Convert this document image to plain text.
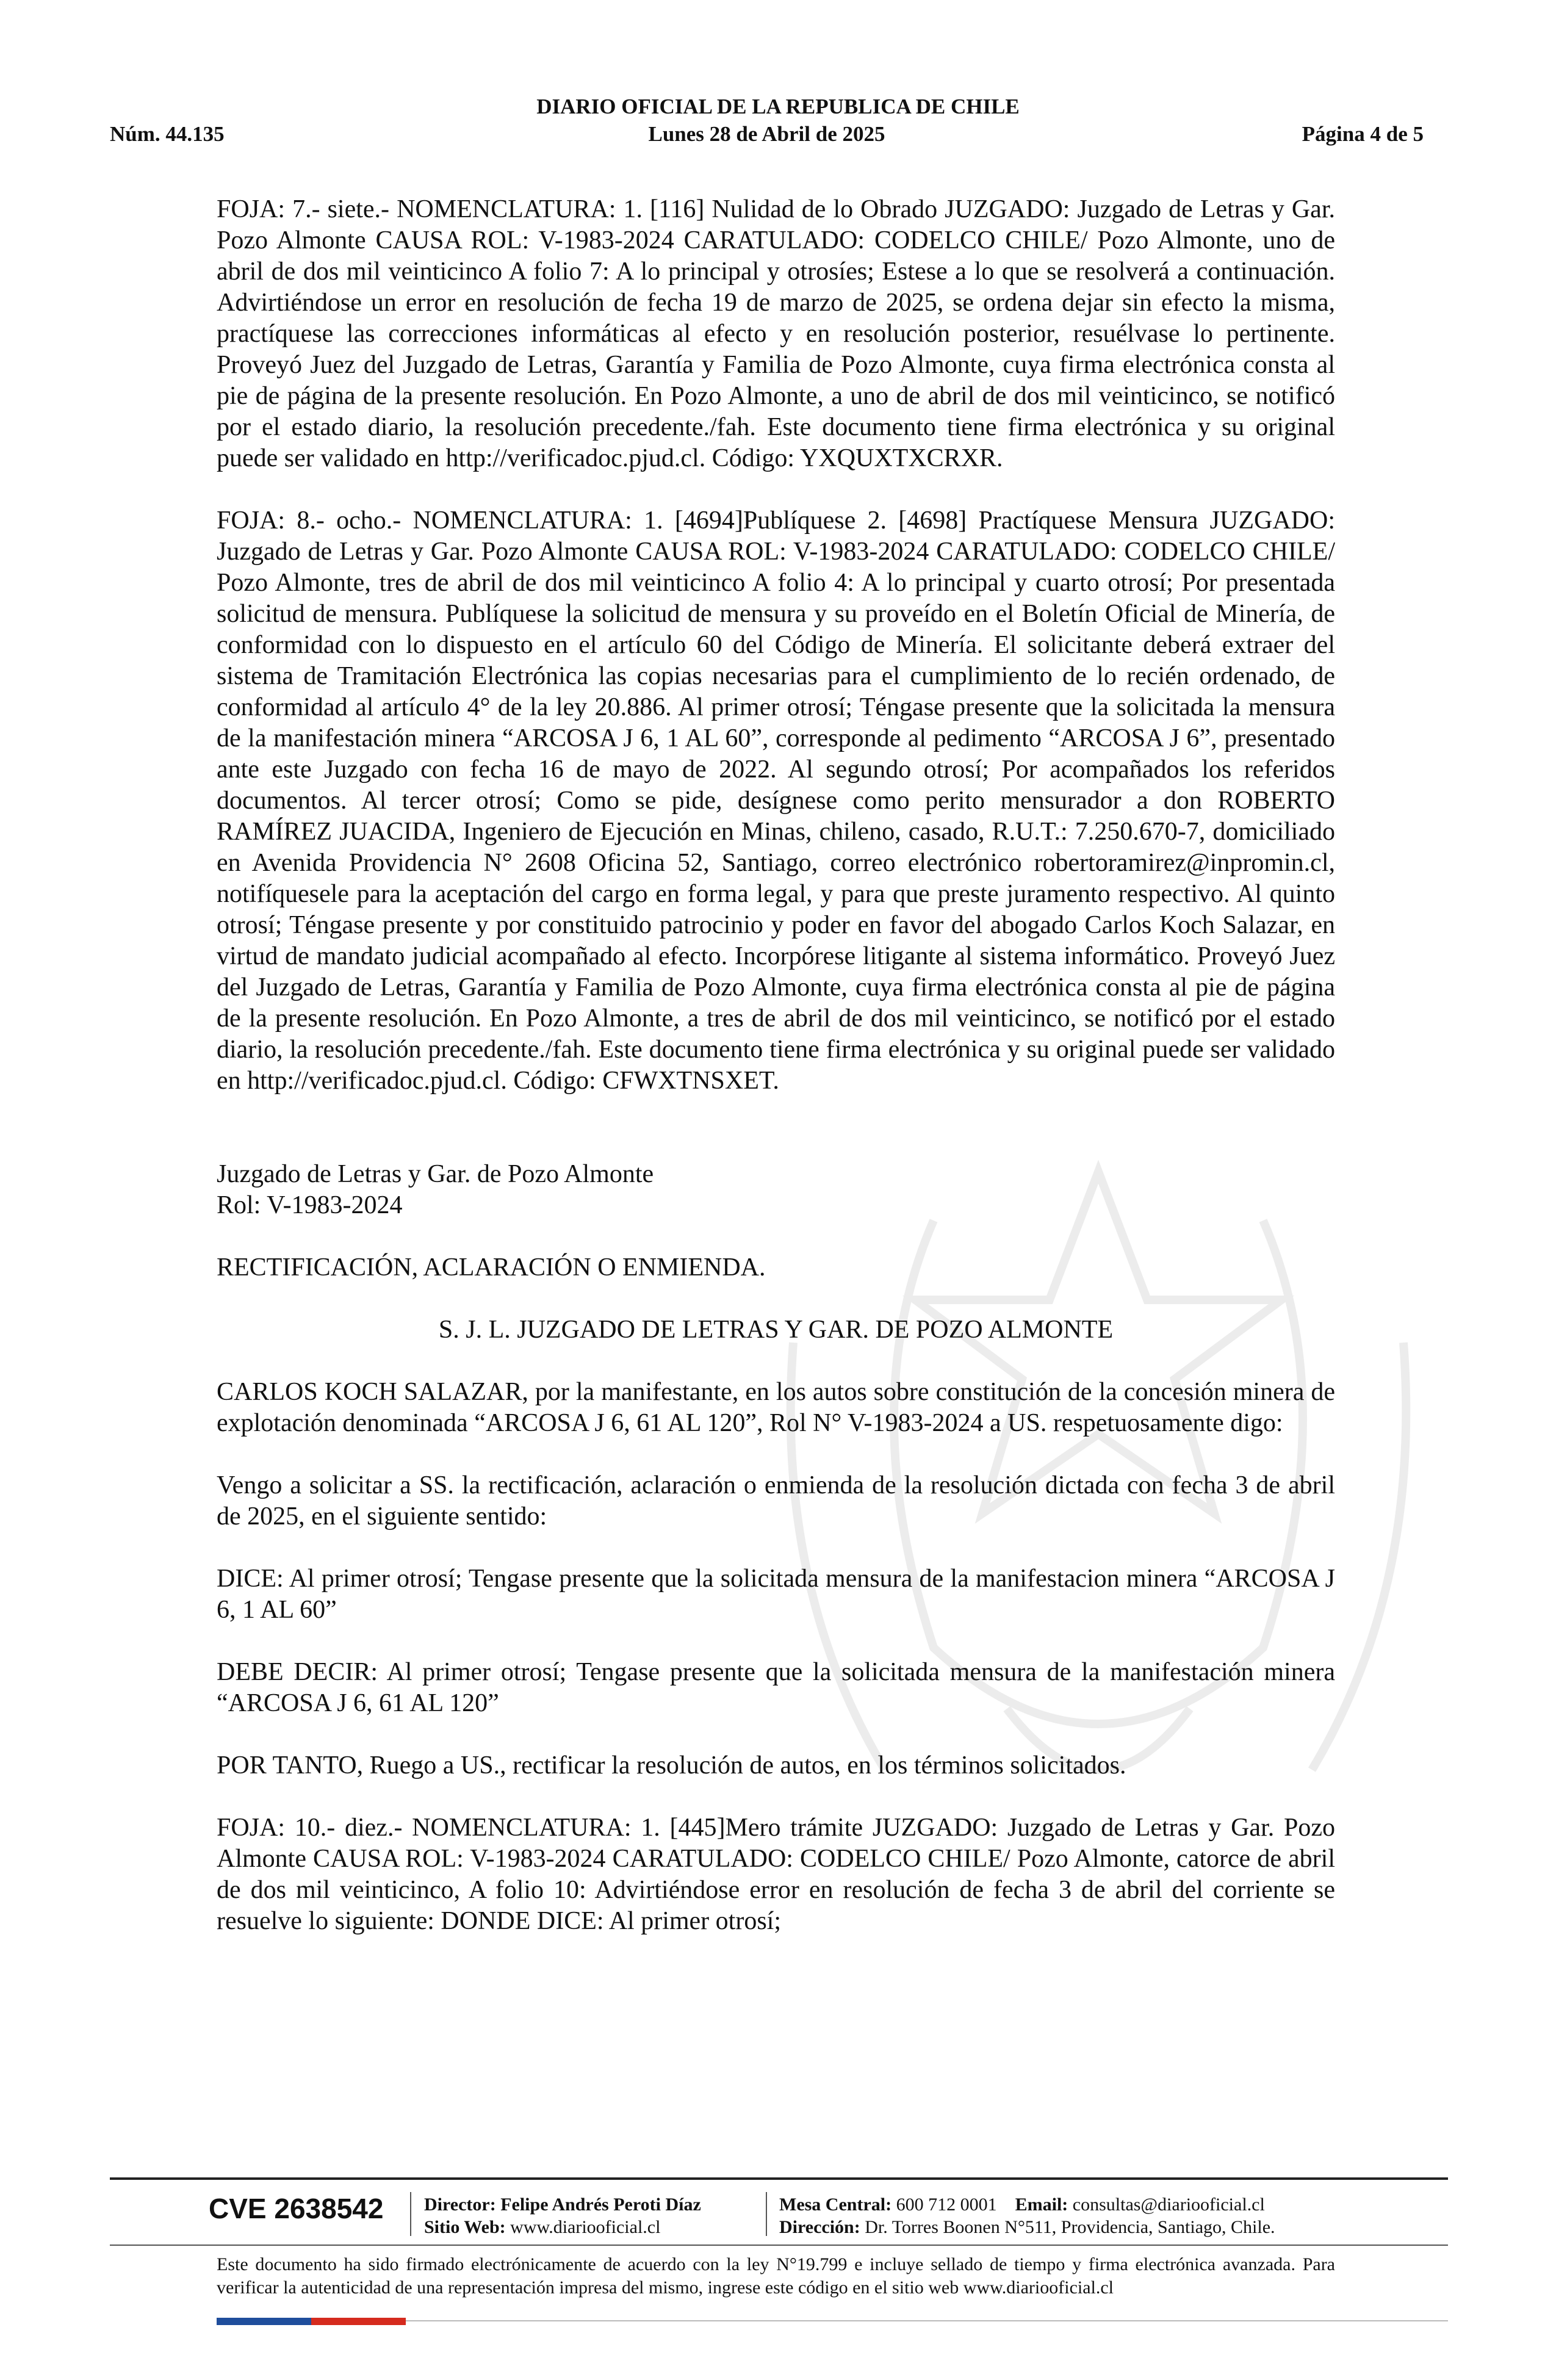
DIARIO OFICIAL DE LA REPUBLICA DE CHILE
Núm. 44.135	Lunes 28 de Abril de 2025	Página 4 de 5

FOJA: 7.- siete.- NOMENCLATURA: 1. [116] Nulidad de lo Obrado JUZGADO: Juzgado de Letras y Gar. Pozo Almonte CAUSA ROL: V-1983-2024 CARATULADO: CODELCO CHILE/ Pozo Almonte, uno de abril de dos mil veinticinco A folio 7: A lo principal y otrosíes; Estese a lo que se resolverá a continuación. Advirtiéndose un error en resolución de fecha 19 de marzo de 2025, se ordena dejar sin efecto la misma, practíquese las correcciones informáticas al efecto y en resolución posterior, resuélvase lo pertinente. Proveyó Juez del Juzgado de Letras, Garantía y Familia de Pozo Almonte, cuya firma electrónica consta al pie de página de la presente resolución. En Pozo Almonte, a uno de abril de dos mil veinticinco, se notificó por el estado diario, la resolución precedente./fah. Este documento tiene firma electrónica y su original puede ser validado en http://verificadoc.pjud.cl. Código: YXQUXTXCRXR.

FOJA: 8.- ocho.- NOMENCLATURA: 1. [4694]Publíquese 2. [4698] Practíquese Mensura JUZGADO: Juzgado de Letras y Gar. Pozo Almonte CAUSA ROL: V-1983-2024 CARATULADO: CODELCO CHILE/ Pozo Almonte, tres de abril de dos mil veinticinco A folio 4: A lo principal y cuarto otrosí; Por presentada solicitud de mensura. Publíquese la solicitud de mensura y su proveído en el Boletín Oficial de Minería, de conformidad con lo dispuesto en el artículo 60 del Código de Minería. El solicitante deberá extraer del sistema de Tramitación Electrónica las copias necesarias para el cumplimiento de lo recién ordenado, de conformidad al artículo 4° de la ley 20.886. Al primer otrosí; Téngase presente que la solicitada la mensura de la manifestación minera “ARCOSA J 6, 1 AL 60”, corresponde al pedimento “ARCOSA J 6”, presentado ante este Juzgado con fecha 16 de mayo de 2022. Al segundo otrosí; Por acompañados los referidos documentos. Al tercer otrosí; Como se pide, desígnese como perito mensurador a don ROBERTO RAMÍREZ JUACIDA, Ingeniero de Ejecución en Minas, chileno, casado, R.U.T.: 7.250.670-7, domiciliado en Avenida Providencia N° 2608 Oficina 52, Santiago, correo electrónico robertoramirez@inpromin.cl, notifíquesele para la aceptación del cargo en forma legal, y para que preste juramento respectivo. Al quinto otrosí; Téngase presente y por constituido patrocinio y poder en favor del abogado Carlos Koch Salazar, en virtud de mandato judicial acompañado al efecto. Incorpórese litigante al sistema informático. Proveyó Juez del Juzgado de Letras, Garantía y Familia de Pozo Almonte, cuya firma electrónica consta al pie de página de la presente resolución. En Pozo Almonte, a tres de abril de dos mil veinticinco, se notificó por el estado diario, la resolución precedente./fah. Este documento tiene firma electrónica y su original puede ser validado en http://verificadoc.pjud.cl. Código: CFWXTNSXET.

Juzgado de Letras y Gar. de Pozo Almonte

Rol: V-1983-2024

RECTIFICACIÓN, ACLARACIÓN O ENMIENDA.

S. J. L. JUZGADO DE LETRAS Y GAR. DE POZO ALMONTE

CARLOS KOCH SALAZAR, por la manifestante, en los autos sobre constitución de la concesión minera de explotación denominada “ARCOSA J 6, 61 AL 120”, Rol N° V-1983-2024 a US. respetuosamente digo:

Vengo a solicitar a SS. la rectificación, aclaración o enmienda de la resolución dictada con fecha 3 de abril de 2025, en el siguiente sentido:

DICE: Al primer otrosí; Tengase presente que la solicitada mensura de la manifestacion minera “ARCOSA J 6, 1 AL 60”

DEBE DECIR: Al primer otrosí; Tengase presente que la solicitada mensura de la manifestación minera “ARCOSA J 6, 61 AL 120”

POR TANTO, Ruego a US., rectificar la resolución de autos, en los términos solicitados.

FOJA: 10.- diez.- NOMENCLATURA: 1. [445]Mero trámite JUZGADO: Juzgado de Letras y Gar. Pozo Almonte CAUSA ROL: V-1983-2024 CARATULADO: CODELCO CHILE/ Pozo Almonte, catorce de abril de dos mil veinticinco, A folio 10: Advirtiéndose error en resolución de fecha 3 de abril del corriente se resuelve lo siguiente: DONDE DICE: Al primer otrosí;

CVE 2638542 Director: Felipe Andrés Peroti Díaz
Sitio Web: www.diariooficial.cl
Mesa Central: 600 712 0001 Email: consultas@diariooficial.cl
Dirección: Dr. Torres Boonen N°511, Providencia, Santiago, Chile.
Este documento ha sido firmado electrónicamente de acuerdo con la ley N°19.799 e incluye sellado de tiempo y firma electrónica avanzada. Para verificar la autenticidad de una representación impresa del mismo, ingrese este código en el sitio web www.diariooficial.cl
